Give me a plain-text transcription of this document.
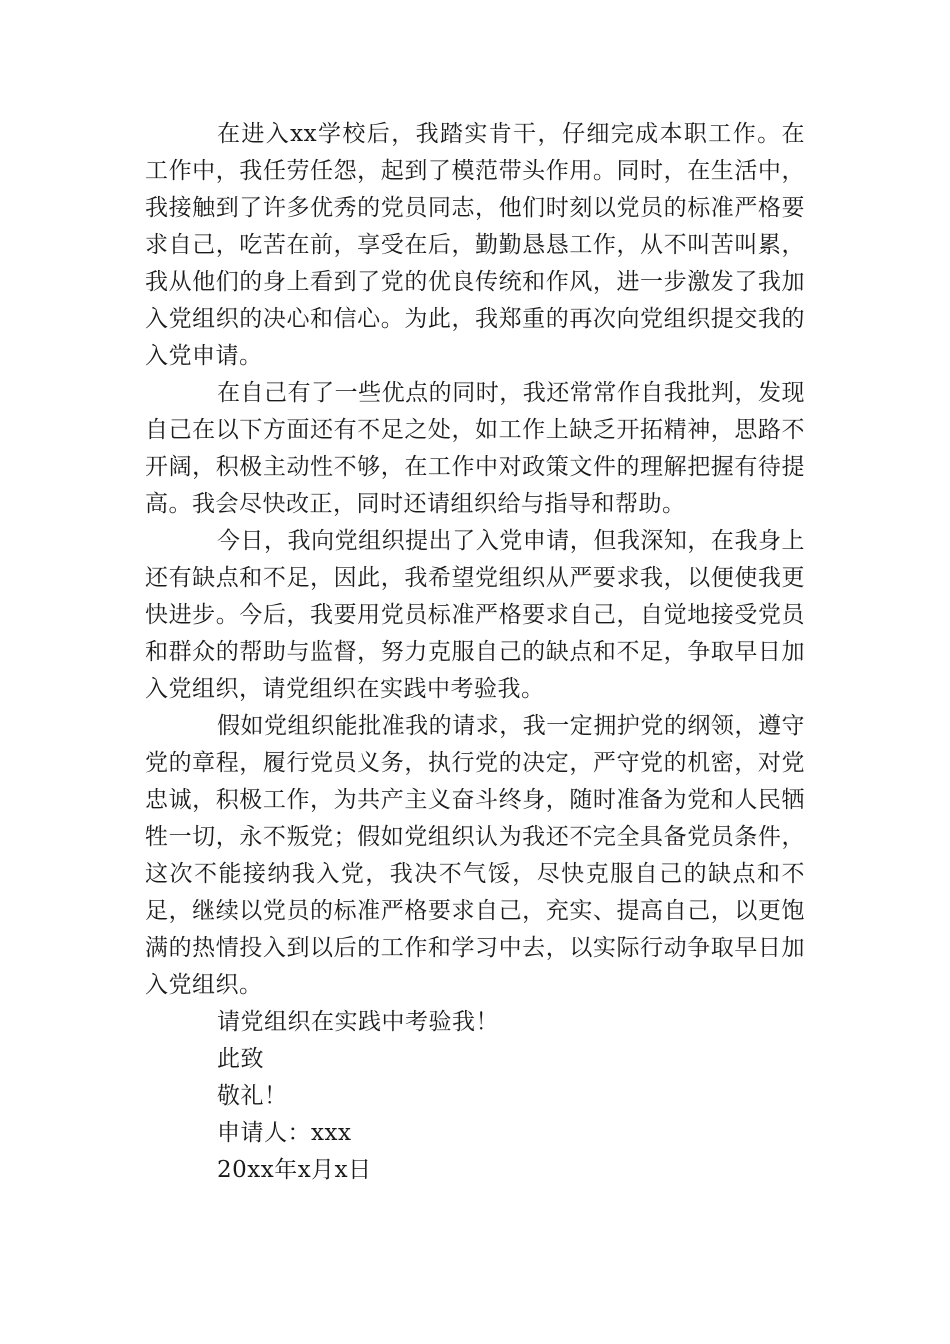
在进入xx学校后，我踏实肯干，仔细完成本职工作。在工作中，我任劳任怨，起到了模范带头作用。同时，在生活中，我接触到了许多优秀的党员同志，他们时刻以党员的标准严格要求自己，吃苦在前，享受在后，勤勤恳恳工作，从不叫苦叫累，我从他们的身上看到了党的优良传统和作风，进一步激发了我加入党组织的决心和信心。为此，我郑重的再次向党组织提交我的入党申请。

在自己有了一些优点的同时，我还常常作自我批判，发现自己在以下方面还有不足之处，如工作上缺乏开拓精神，思路不开阔，积极主动性不够，在工作中对政策文件的理解把握有待提高。我会尽快改正，同时还请组织给与指导和帮助。

今日，我向党组织提出了入党申请，但我深知，在我身上还有缺点和不足，因此，我希望党组织从严要求我，以便使我更快进步。今后，我要用党员标准严格要求自己，自觉地接受党员和群众的帮助与监督，努力克服自己的缺点和不足，争取早日加入党组织，请党组织在实践中考验我。

假如党组织能批准我的请求，我一定拥护党的纲领，遵守党的章程，履行党员义务，执行党的决定，严守党的机密，对党忠诚，积极工作，为共产主义奋斗终身，随时准备为党和人民牺牲一切，永不叛党；假如党组织认为我还不完全具备党员条件，这次不能接纳我入党，我决不气馁，尽快克服自己的缺点和不足，继续以党员的标准严格要求自己，充实、提高自己，以更饱满的热情投入到以后的工作和学习中去，以实际行动争取早日加入党组织。

请党组织在实践中考验我！

此致

敬礼！

申请人：xxx

20xx年x月x日
